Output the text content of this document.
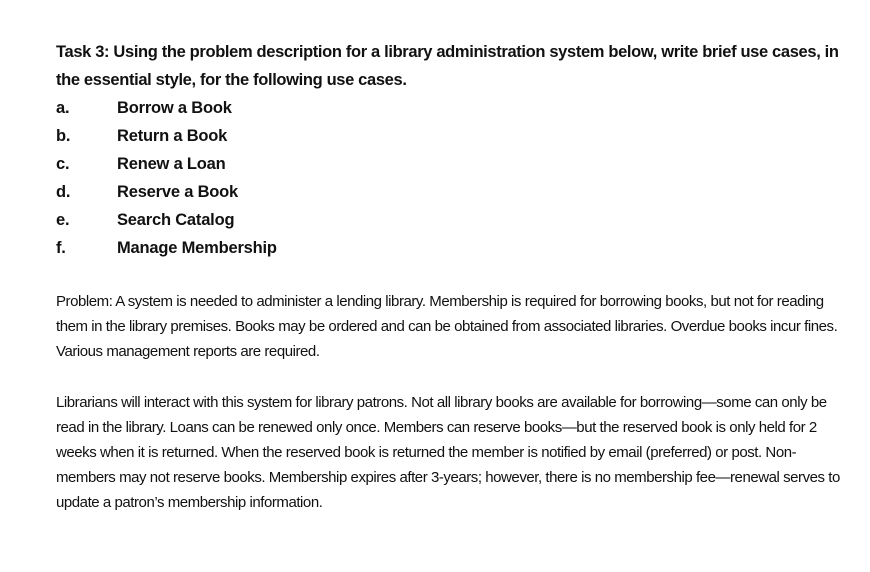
Task 3: Using the problem description for a library administration system below, write brief use cases, in the essential style, for the following use cases.

a.	Borrow a Book
b.	Return a Book
c.	Renew a Loan
d.	Reserve a Book
e.	Search Catalog
f.	Manage Membership

Problem: A system is needed to administer a lending library. Membership is required for borrowing books, but not for reading them in the library premises. Books may be ordered and can be obtained from associated libraries. Overdue books incur fines. Various management reports are required.

Librarians will interact with this system for library patrons. Not all library books are available for borrowing—some can only be read in the library. Loans can be renewed only once. Members can reserve books—but the reserved book is only held for 2 weeks when it is returned. When the reserved book is returned the member is notified by email (preferred) or post. Non-members may not reserve books. Membership expires after 3-years; however, there is no membership fee—renewal serves to update a patron’s membership information.
